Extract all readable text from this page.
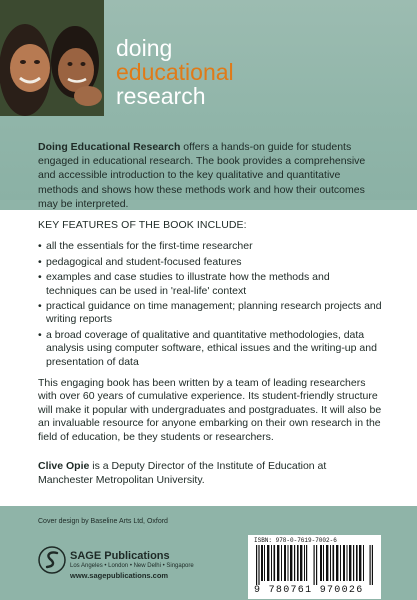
doing
educational
research
Doing Educational Research offers a hands-on guide for students engaged in educational research. The book provides a comprehensive and accessible introduction to the key qualitative and quantitative methods and shows how these methods work and how their outcomes may be interpreted.
KEY FEATURES OF THE BOOK INCLUDE:
• all the essentials for the first-time researcher
• pedagogical and student-focused features
• examples and case studies to illustrate how the methods and techniques can be used in 'real-life' context
• practical guidance on time management; planning research projects and writing reports
• a broad coverage of qualitative and quantitative methodologies, data analysis using computer software, ethical issues and the writing-up and presentation of data
This engaging book has been written by a team of leading researchers with over 60 years of cumulative experience. Its student-friendly structure will make it popular with undergraduates and postgraduates. It will also be an invaluable resource for anyone embarking on their own research in the field of education, be they students or researchers.
Clive Opie is a Deputy Director of the Institute of Education at Manchester Metropolitan University.
Cover design by Baseline Arts Ltd, Oxford
SAGE Publications
Los Angeles • London • New Delhi • Singapore
www.sagepublications.com
ISBN: 978-0-7619-7002-6
9 780761 970026
